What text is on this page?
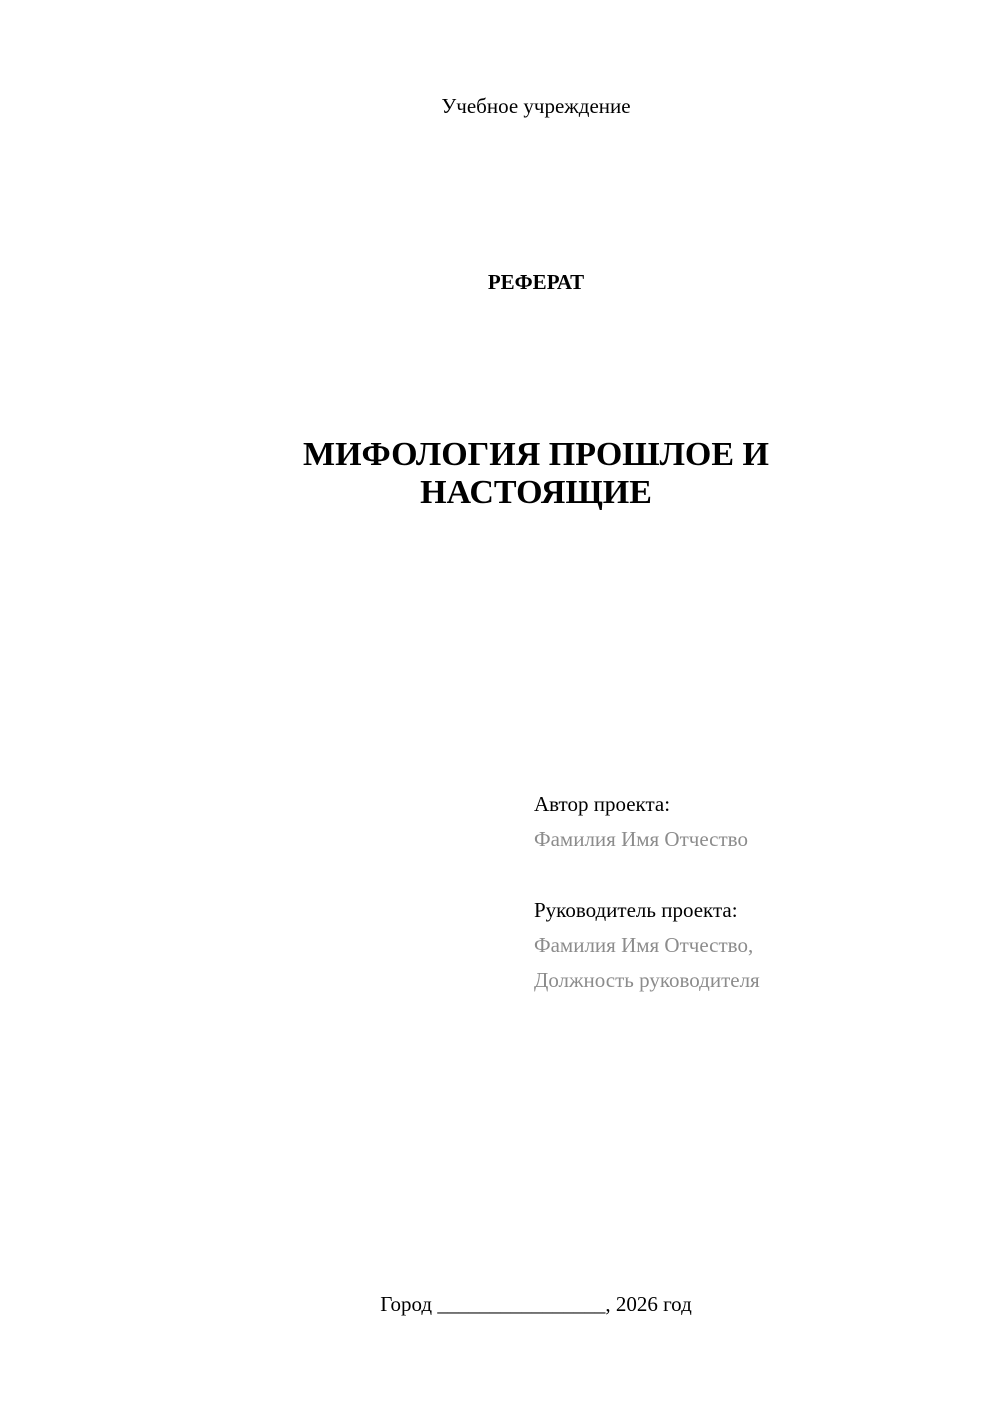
Учебное учреждение
РЕФЕРАТ
МИФОЛОГИЯ ПРОШЛОЕ И
НАСТОЯЩИЕ
Автор проекта:
Фамилия Имя Отчество
Руководитель проекта:
Фамилия Имя Отчество,
Должность руководителя
Город ________________, 2026 год
